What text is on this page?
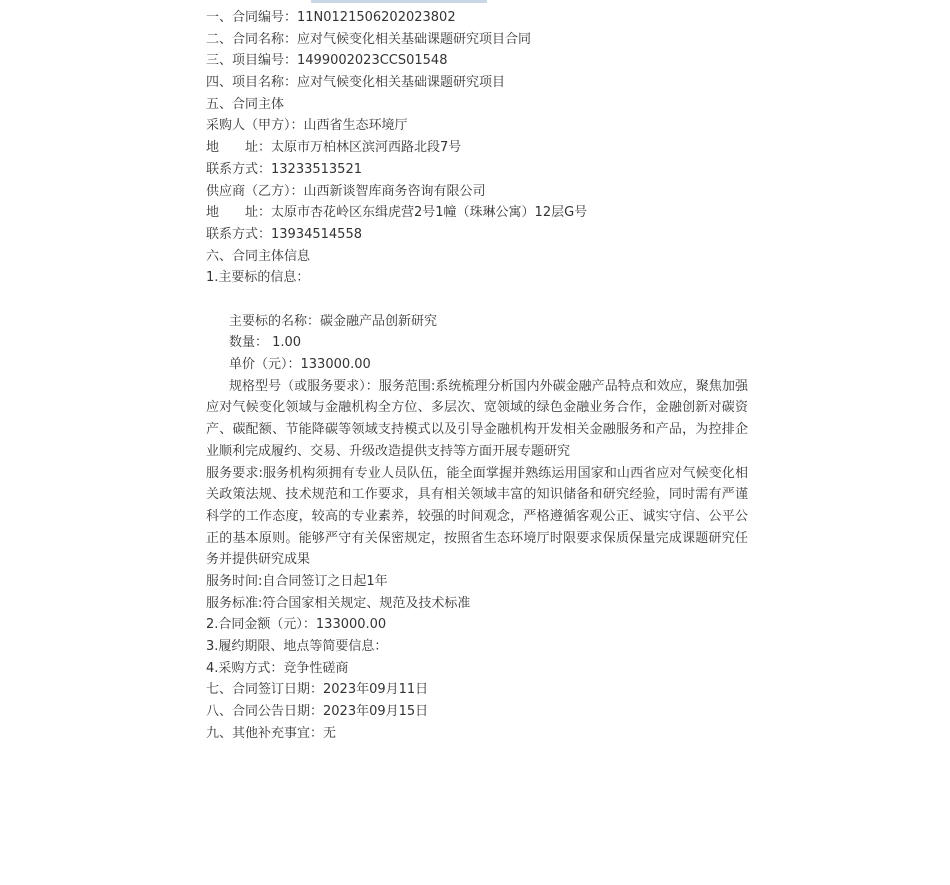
一、合同编号：11N0121506202023802
二、合同名称：应对气候变化相关基础课题研究项目合同
三、项目编号：1499002023CCS01548
四、项目名称：应对气候变化相关基础课题研究项目
五、合同主体
采购人（甲方）：山西省生态环境厅
地　　址：太原市万柏林区滨河西路北段7号
联系方式：13233513521
供应商（乙方）：山西新谈智库商务咨询有限公司
地　　址：太原市杏花岭区东缉虎营2号1幢（珠琳公寓）12层G号
联系方式：13934514558
六、合同主体信息
1.主要标的信息：
主要标的名称：碳金融产品创新研究
数量： 1.00
单价（元）：133000.00
规格型号（或服务要求）：服务范围:系统梳理分析国内外碳金融产品特点和效应，聚焦加强应对气候变化领域与金融机构全方位、多层次、宽领域的绿色金融业务合作，金融创新对碳资产、碳配额、节能降碳等领域支持模式以及引导金融机构开发相关金融服务和产品，为控排企业顺利完成履约、交易、升级改造提供支持等方面开展专题研究
服务要求:服务机构须拥有专业人员队伍，能全面掌握并熟练运用国家和山西省应对气候变化相关政策法规、技术规范和工作要求，具有相关领域丰富的知识储备和研究经验，同时需有严谨科学的工作态度，较高的专业素养，较强的时间观念，严格遵循客观公正、诚实守信、公平公正的基本原则。能够严守有关保密规定，按照省生态环境厅时限要求保质保量完成课题研究任务并提供研究成果
服务时间:自合同签订之日起1年
服务标准:符合国家相关规定、规范及技术标准
2.合同金额（元）：133000.00
3.履约期限、地点等简要信息：
4.采购方式：竞争性磋商
七、合同签订日期：2023年09月11日
八、合同公告日期：2023年09月15日
九、其他补充事宜：无
